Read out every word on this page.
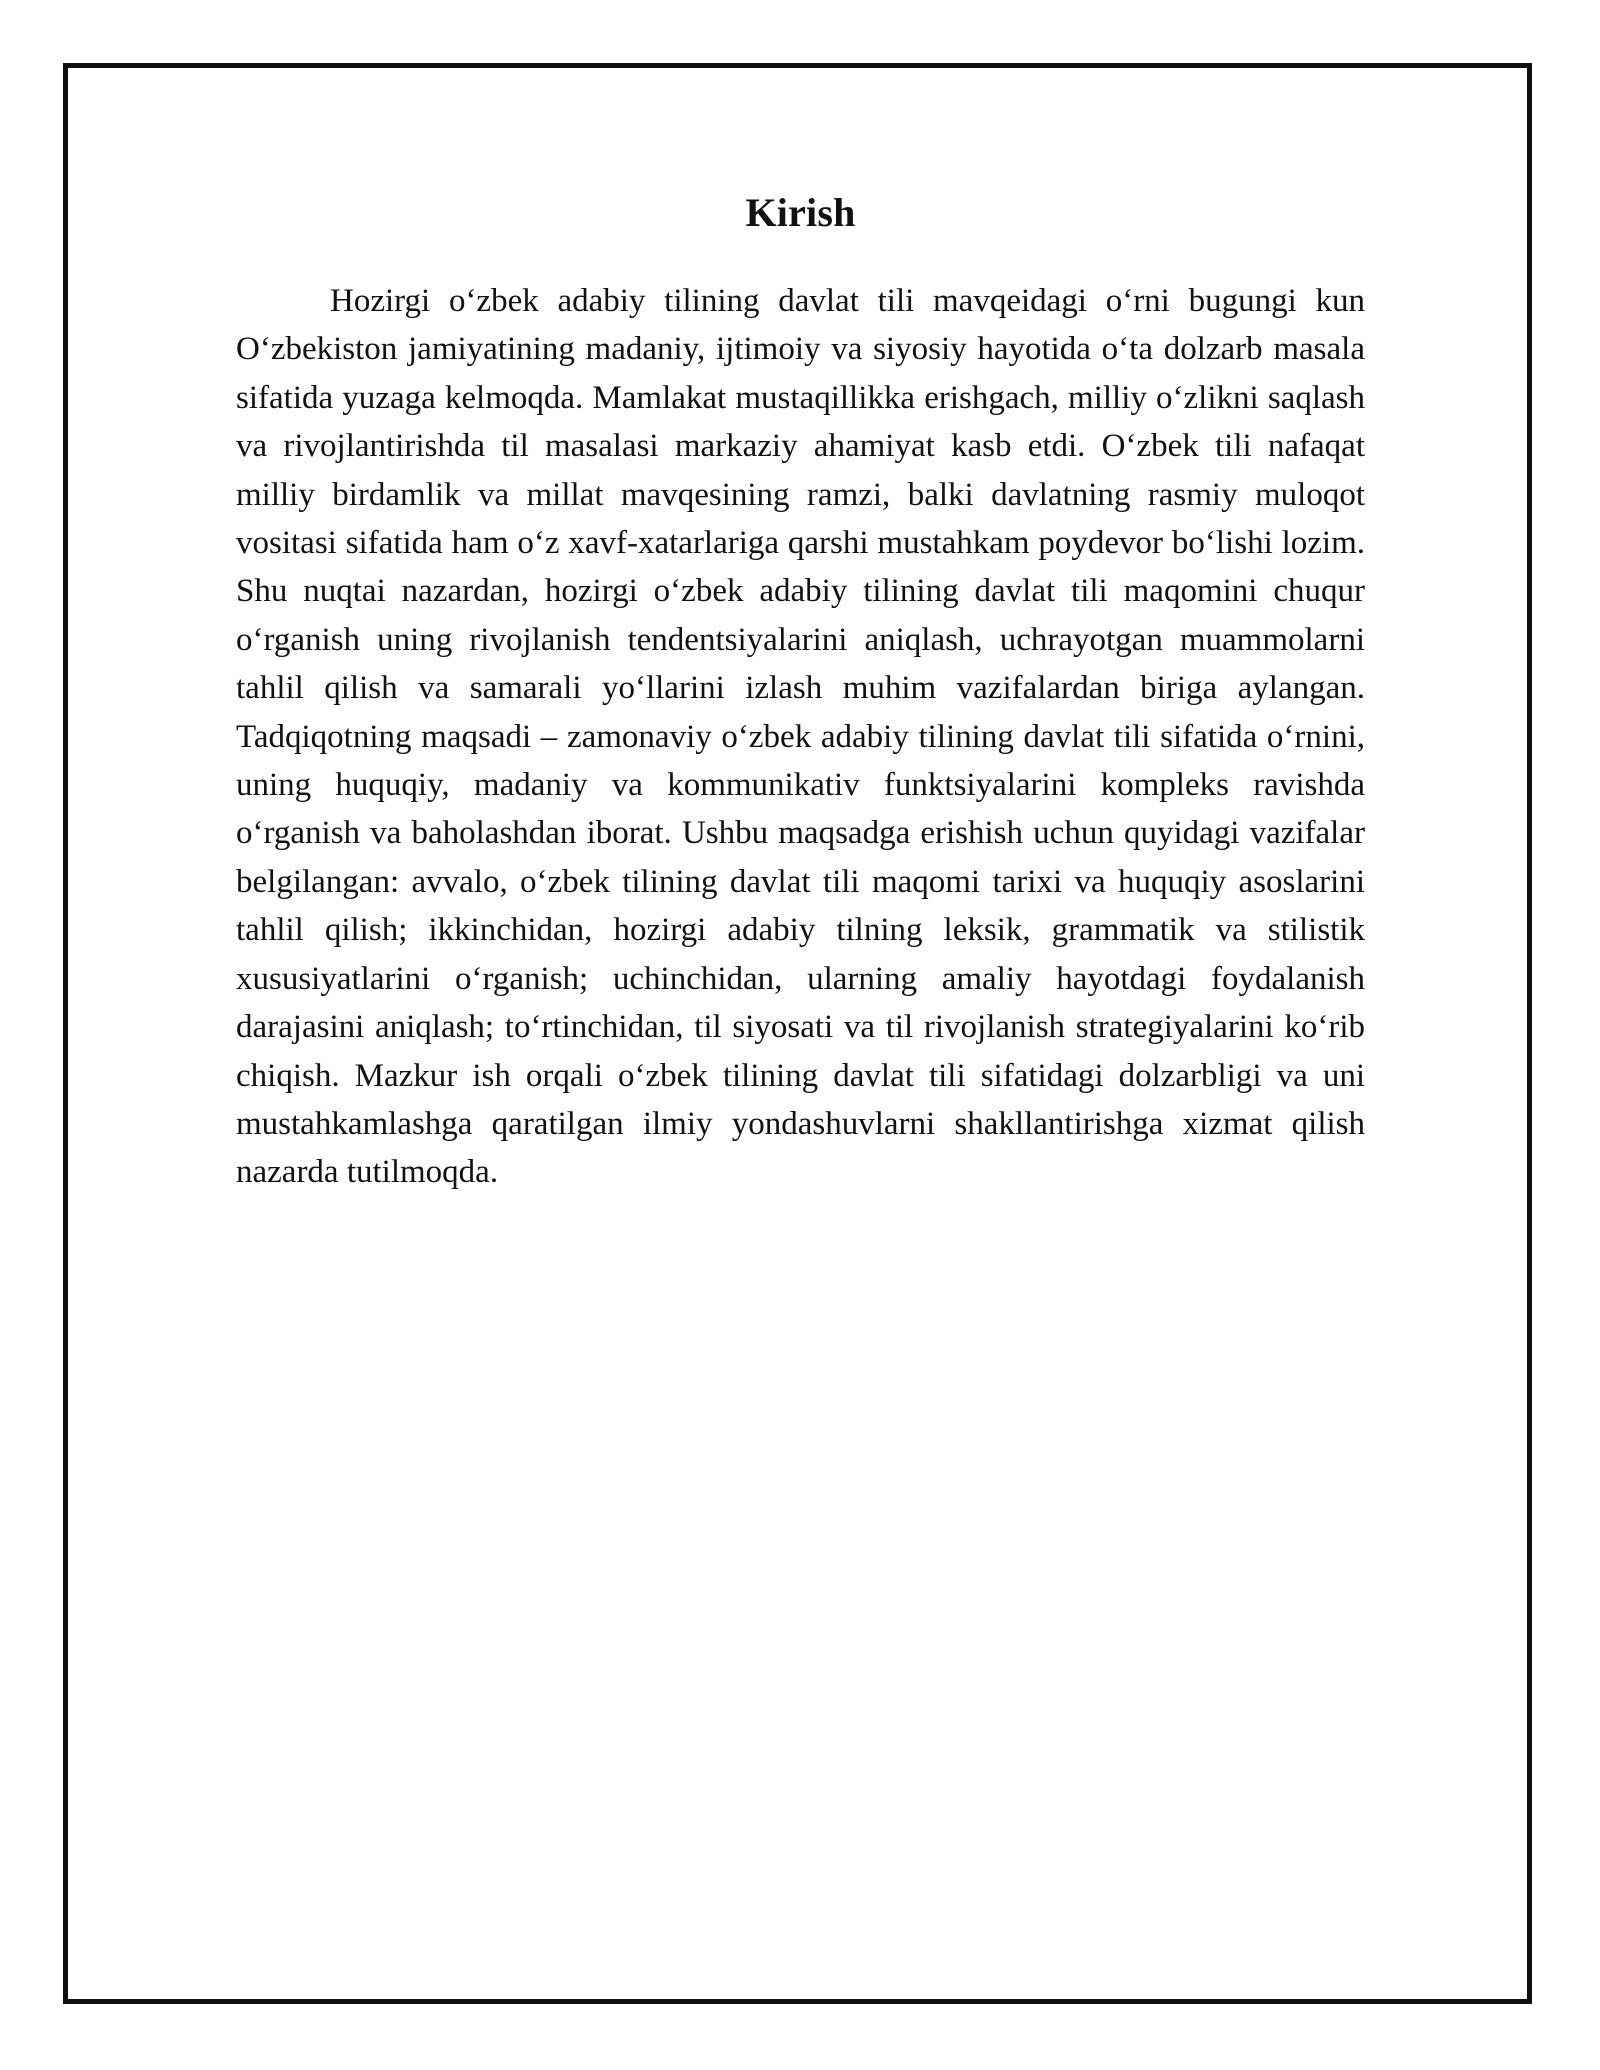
Kirish

Hozirgi o‘zbek adabiy tilining davlat tili mavqeidagi o‘rni bugungi kun O‘zbekiston jamiyatining madaniy, ijtimoiy va siyosiy hayotida o‘ta dolzarb masala sifatida yuzaga kelmoqda. Mamlakat mustaqillikka erishgach, milliy o‘zlikni saqlash va rivojlantirishda til masalasi markaziy ahamiyat kasb etdi. O‘zbek tili nafaqat milliy birdamlik va millat mavqesining ramzi, balki davlatning rasmiy muloqot vositasi sifatida ham o‘z xavf-xatarlariga qarshi mustahkam poydevor bo‘lishi lozim. Shu nuqtai nazardan, hozirgi o‘zbek adabiy tilining davlat tili maqomini chuqur o‘rganish uning rivojlanish tendentsiyalarini aniqlash, uchrayotgan muammolarni tahlil qilish va samarali yo‘llarini izlash muhim vazifalardan biriga aylangan. Tadqiqotning maqsadi – zamonaviy o‘zbek adabiy tilining davlat tili sifatida o‘rnini, uning huquqiy, madaniy va kommunikativ funktsiyalarini kompleks ravishda o‘rganish va baholashdan iborat. Ushbu maqsadga erishish uchun quyidagi vazifalar belgilangan: avvalo, o‘zbek tilining davlat tili maqomi tarixi va huquqiy asoslarini tahlil qilish; ikkinchidan, hozirgi adabiy tilning leksik, grammatik va stilistik xususiyatlarini o‘rganish; uchinchidan, ularning amaliy hayotdagi foydalanish darajasini aniqlash; to‘rtinchidan, til siyosati va til rivojlanish strategiyalarini ko‘rib chiqish. Mazkur ish orqali o‘zbek tilining davlat tili sifatidagi dolzarbligi va uni mustahkamlashga qaratilgan ilmiy yondashuvlarni shakllantirishga xizmat qilish nazarda tutilmoqda.
